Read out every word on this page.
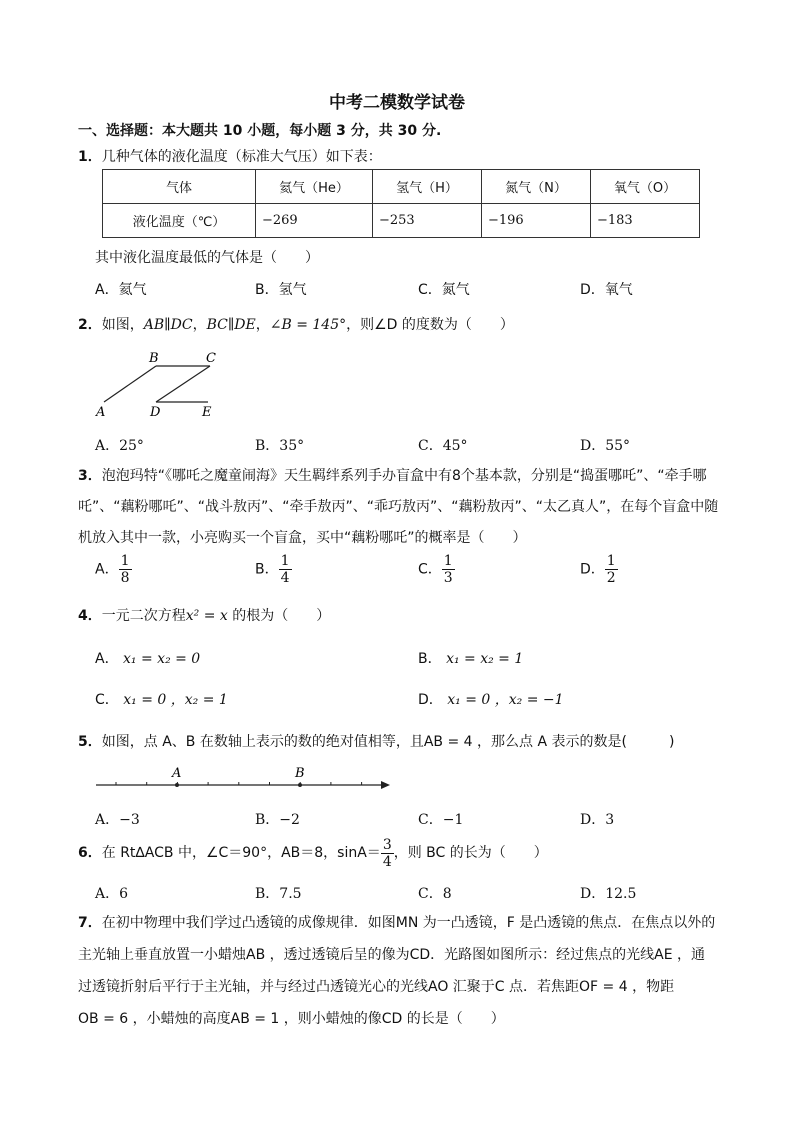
中考二模数学试卷
一、选择题：本大题共 10 小题，每小题 3 分，共 30 分.
1．几种气体的液化温度（标准大气压）如下表：
气体	氦气（He）	氢气（H）	氮气（N）	氧气（O）
液化温度（℃）	−269	−253	−196	−183
其中液化温度最低的气体是（　　）
A．氦气	B．氢气	C．氮气	D．氧气
2．如图，AB∥DC，BC∥DE，∠B = 145°，则∠D 的度数为（　　）
B	C
A	D	E
A．25°	B．35°	C．45°	D．55°
3．泡泡玛特“《哪吒之魔童闹海》天生羁绊系列手办盲盒中有8个基本款，分别是“捣蛋哪吒”、“牵手哪
吒”、“藕粉哪吒”、“战斗敖丙”、“牵手敖丙”、“乖巧敖丙”、“藕粉敖丙”、“太乙真人”，在每个盲盒中随
机放入其中一款，小亮购买一个盲盒，买中“藕粉哪吒”的概率是（　　）
A． $\frac{1}{8}$	B． $\frac{1}{4}$	C． $\frac{1}{3}$	D． $\frac{1}{2}$
4．一元二次方程x² = x 的根为（　　）
A． x₁ = x₂ = 0	B． x₁ = x₂ = 1
C． x₁ = 0 ，x₂ = 1	D． x₁ = 0 ，x₂ = −1
5．如图，点 A、B 在数轴上表示的数的绝对值相等，且AB = 4 ，那么点 A 表示的数是(　　　)
A	B
A．−3	B．−2	C．−1	D．3
6．在 Rt∆ACB 中，∠C＝90°，AB＝8，$\sin A= \frac{3}{4}$ ，则 BC 的长为（　　）
A．6	B．7.5	C．8	D．12.5
7．在初中物理中我们学过凸透镜的成像规律．如图MN 为一凸透镜，F 是凸透镜的焦点．在焦点以外的
主光轴上垂直放置一小蜡烛AB ，透过透镜后呈的像为CD．光路图如图所示：经过焦点的光线AE ，通
过透镜折射后平行于主光轴，并与经过凸透镜光心的光线AO 汇聚于C 点．若焦距OF = 4 ，物距
OB = 6 ，小蜡烛的高度AB = 1 ，则小蜡烛的像CD 的长是（　　）
